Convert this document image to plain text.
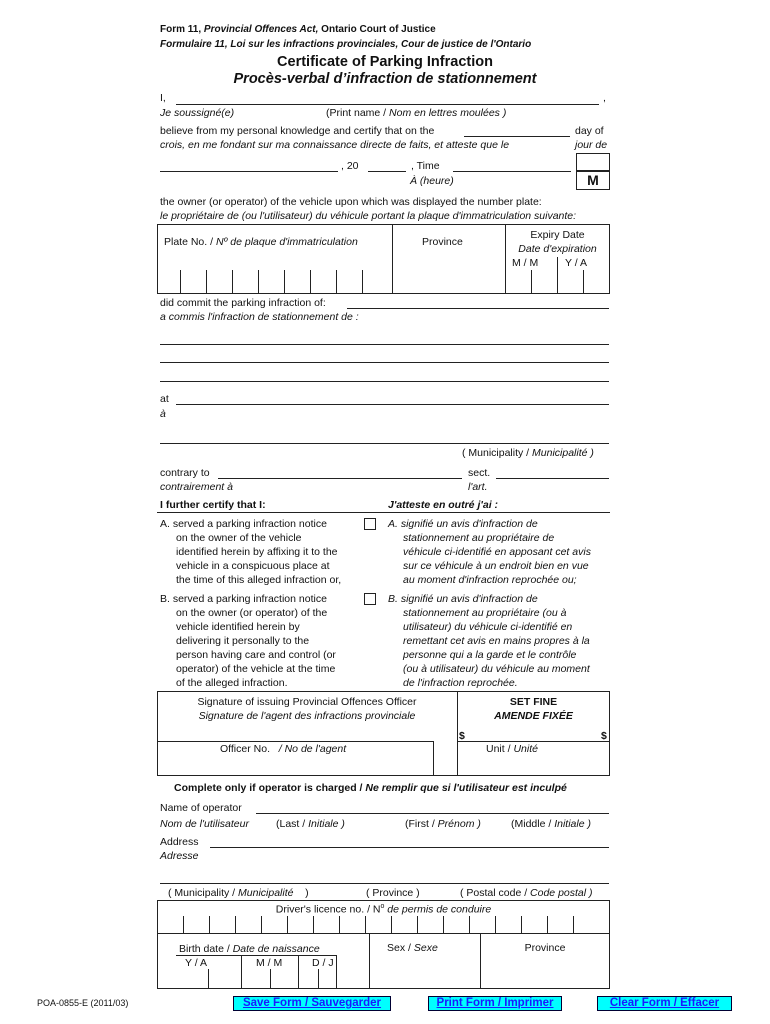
Form 11, Provincial Offences Act, Ontario Court of Justice
Formulaire 11, Loi sur les infractions provinciales, Cour de justice de l'Ontario
Certificate of Parking Infraction
Procès-verbal d’infraction de stationnement
I,	,
Je soussigné(e)	(Print name / Nom en lettres moulées )
believe from my personal knowledge and certify that on the	day of
crois, en me fondant sur ma connaissance directe de faits, et atteste que le	jour de
, 20	, Time
À (heure)	M
the owner (or operator) of the vehicle upon which was displayed the number plate:
le propriétaire de (ou l'utilisateur) du véhicule portant la plaque d'immatriculation suivante:
Plate No. / Nº de plaque d'immatriculation	Province
Expiry Date
Date d'expiration
M / M	Y / A
did commit the parking infraction of:
a commis l'infraction de stationnement de :
at
à
( Municipality / Municipalité )
contrary to	sect.
contrairement à	l'art.
I further certify that I:	J'atteste en outré j'ai :
A. served a parking infraction notice
on the owner of the vehicle
identified herein by affixing it to the
vehicle in a conspicuous place at
the time of this alleged infraction or,
A. signifié un avis d'infraction de
stationnement au propriétaire de
véhicule ci-identifié en apposant cet avis
sur ce véhicule à un endroit bien en vue
au moment d'infraction reprochée ou;
B. served a parking infraction notice
on the owner (or operator) of the
vehicle identified herein by
delivering it personally to the
person having care and control (or
operator) of the vehicle at the time
of the alleged infraction.
B. signifié un avis d'infraction de
stationnement au propriétaire (ou à
utilisateur) du véhicule ci-identifié en
remettant cet avis en mains propres à la
personne qui a la garde et le contrôle
(ou à utilisateur) du véhicule au moment
de l'infraction reprochée.
Signature of issuing Provincial Offences Officer
Signature de l'agent des infractions provinciale
SET FINE
AMENDE FIXÉE
$	$
Officer No. / No de l'agent	Unit / Unité
Complete only if operator is charged / Ne remplir que si l'utilisateur est inculpé
Name of operator
Nom de l'utilisateur	(Last / Initiale )	(First / Prénom )	(Middle / Initiale )
Address
Adresse
( Municipality / Municipalité )	( Province )	( Postal code / Code postal )
Driver's licence no. / $N^o$ de permis de conduire
Birth date / Date de naissance
Y / A	M / M	D / J
Sex / Sexe	Province
POA-0855-E (2011/03)	Save Form / Sauvegarder	Print Form / Imprimer	Clear Form / Effacer
